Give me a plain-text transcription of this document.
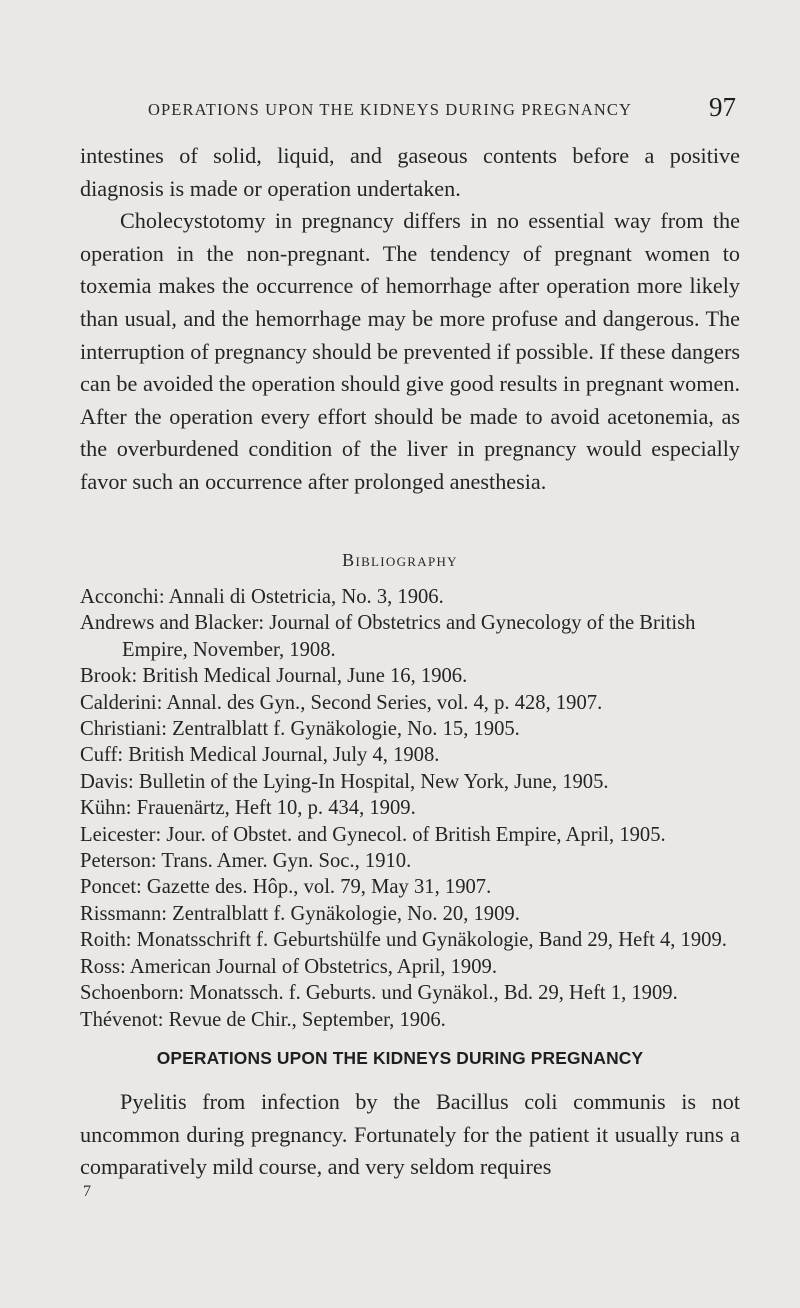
OPERATIONS UPON THE KIDNEYS DURING PREGNANCY	97

intestines of solid, liquid, and gaseous contents before a positive diagnosis is made or operation undertaken.

Cholecystotomy in pregnancy differs in no essential way from the operation in the non-pregnant. The tendency of pregnant women to toxemia makes the occurrence of hemorrhage after operation more likely than usual, and the hemorrhage may be more profuse and dangerous. The interruption of pregnancy should be prevented if possible. If these dangers can be avoided the operation should give good results in pregnant women. After the operation every effort should be made to avoid acetonemia, as the overburdened condition of the liver in pregnancy would especially favor such an occurrence after prolonged anesthesia.

Bibliography
Acconchi: Annali di Ostetricia, No. 3, 1906.
Andrews and Blacker: Journal of Obstetrics and Gynecology of the British Empire, November, 1908.
Brook: British Medical Journal, June 16, 1906.
Calderini: Annal. des Gyn., Second Series, vol. 4, p. 428, 1907.
Christiani: Zentralblatt f. Gynäkologie, No. 15, 1905.
Cuff: British Medical Journal, July 4, 1908.
Davis: Bulletin of the Lying-In Hospital, New York, June, 1905.
Kühn: Frauenärtz, Heft 10, p. 434, 1909.
Leicester: Jour. of Obstet. and Gynecol. of British Empire, April, 1905.
Peterson: Trans. Amer. Gyn. Soc., 1910.
Poncet: Gazette des. Hôp., vol. 79, May 31, 1907.
Rissmann: Zentralblatt f. Gynäkologie, No. 20, 1909.
Roith: Monatsschrift f. Geburtshülfe und Gynäkologie, Band 29, Heft 4, 1909.
Ross: American Journal of Obstetrics, April, 1909.
Schoenborn: Monatssch. f. Geburts. und Gynäkol., Bd. 29, Heft 1, 1909.
Thévenot: Revue de Chir., September, 1906.
OPERATIONS UPON THE KIDNEYS DURING PREGNANCY

Pyelitis from infection by the Bacillus coli communis is not uncommon during pregnancy. Fortunately for the patient it usually runs a comparatively mild course, and very seldom requires

7
